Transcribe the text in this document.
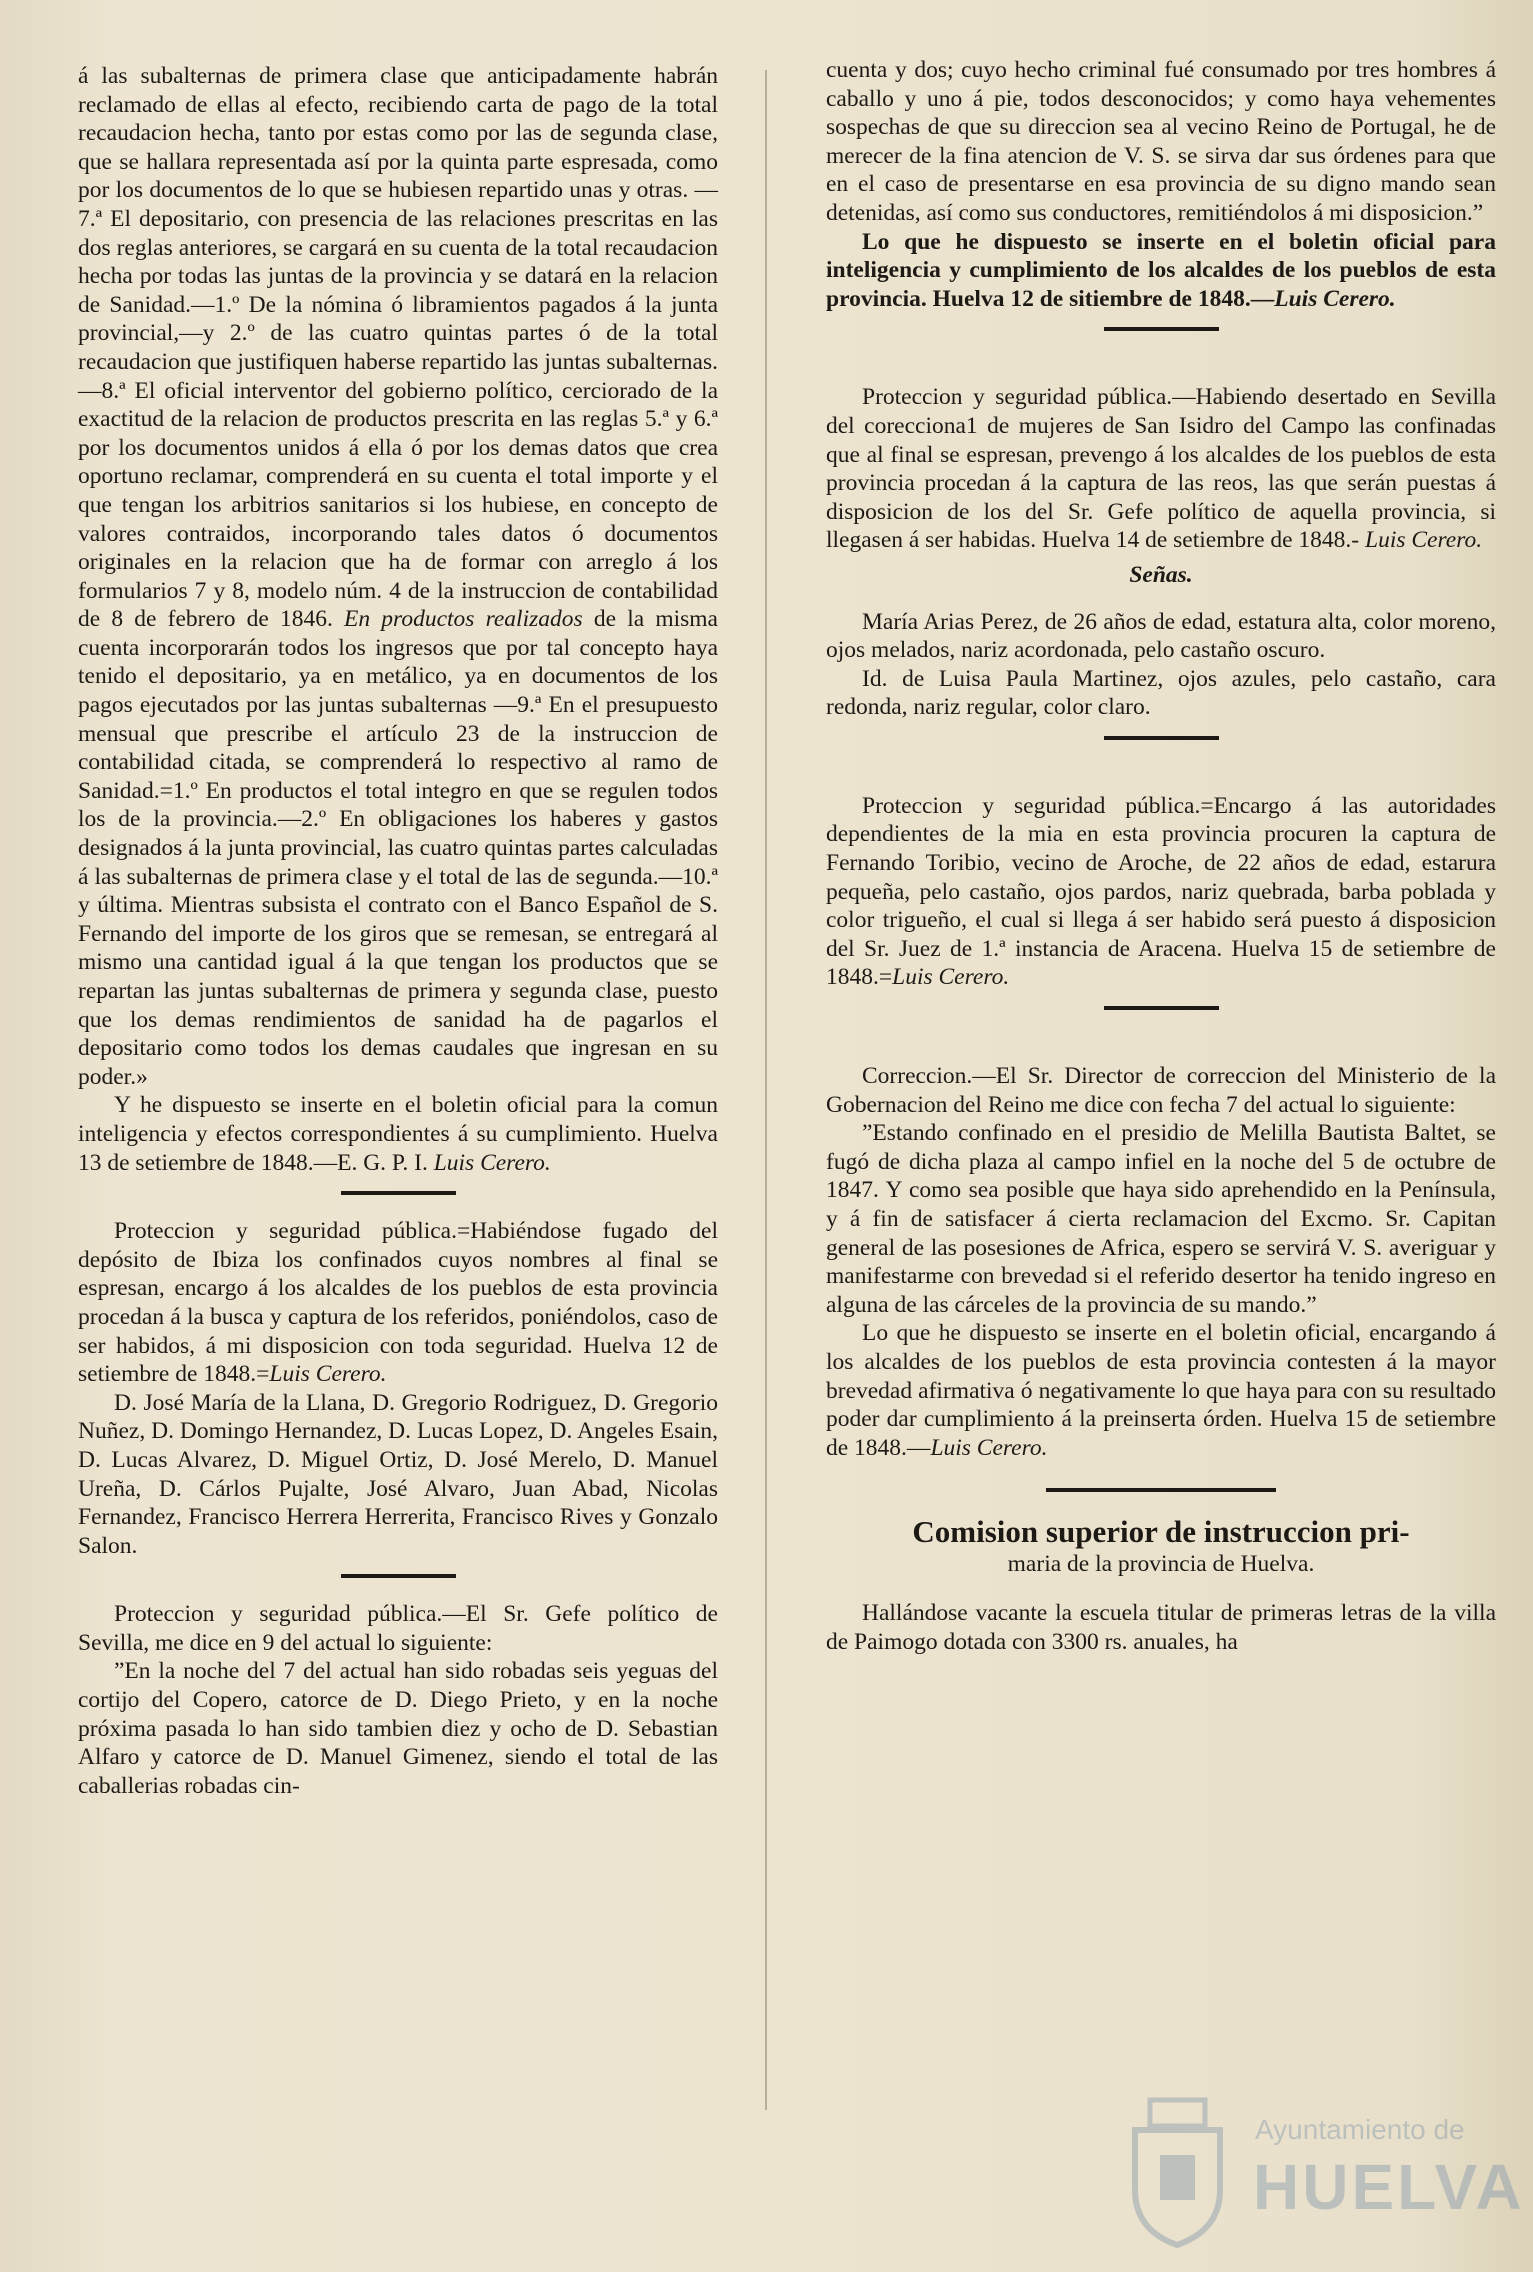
á las subalternas de primera clase que anticipadamente habrán reclamado de ellas al efecto, recibiendo carta de pago de la total recaudacion hecha, tanto por estas como por las de segunda clase, que se hallara representada así por la quinta parte espresada, como por los documentos de lo que se hubiesen repartido unas y otras. —7.ª El depositario, con presencia de las relaciones prescritas en las dos reglas anteriores, se cargará en su cuenta de la total recaudacion hecha por todas las juntas de la provincia y se datará en la relacion de Sanidad.—1.º De la nómina ó libramientos pagados á la junta provincial,—y 2.º de las cuatro quintas partes ó de la total recaudacion que justifiquen haberse repartido las juntas subalternas.—8.ª El oficial interventor del gobierno político, cerciorado de la exactitud de la relacion de productos prescrita en las reglas 5.ª y 6.ª por los documentos unidos á ella ó por los demas datos que crea oportuno reclamar, comprenderá en su cuenta el total importe y el que tengan los arbitrios sanitarios si los hubiese, en concepto de valores contraidos, incorporando tales datos ó documentos originales en la relacion que ha de formar con arreglo á los formularios 7 y 8, modelo núm. 4 de la instruccion de contabilidad de 8 de febrero de 1846. En productos realizados de la misma cuenta incorporarán todos los ingresos que por tal concepto haya tenido el depositario, ya en metálico, ya en documentos de los pagos ejecutados por las juntas subalternas —9.ª En el presupuesto mensual que prescribe el artículo 23 de la instruccion de contabilidad citada, se comprenderá lo respectivo al ramo de Sanidad.=1.º En productos el total integro en que se regulen todos los de la provincia.—2.º En obligaciones los haberes y gastos designados á la junta provincial, las cuatro quintas partes calculadas á las subalternas de primera clase y el total de las de segunda.—10.ª y última. Mientras subsista el contrato con el Banco Español de S. Fernando del importe de los giros que se remesan, se entregará al mismo una cantidad igual á la que tengan los productos que se repartan las juntas subalternas de primera y segunda clase, puesto que los demas rendimientos de sanidad ha de pagarlos el depositario como todos los demas caudales que ingresan en su poder.»

Y he dispuesto se inserte en el boletin oficial para la comun inteligencia y efectos correspondientes á su cumplimiento. Huelva 13 de setiembre de 1848.—E. G. P. I. Luis Cerero.

Proteccion y seguridad pública.=Habiéndose fugado del depósito de Ibiza los confinados cuyos nombres al final se espresan, encargo á los alcaldes de los pueblos de esta provincia procedan á la busca y captura de los referidos, poniéndolos, caso de ser habidos, á mi disposicion con toda seguridad. Huelva 12 de setiembre de 1848.=Luis Cerero.

D. José María de la Llana, D. Gregorio Rodriguez, D. Gregorio Nuñez, D. Domingo Hernandez, D. Lucas Lopez, D. Angeles Esain, D. Lucas Alvarez, D. Miguel Ortiz, D. José Merelo, D. Manuel Ureña, D. Cárlos Pujalte, José Alvaro, Juan Abad, Nicolas Fernandez, Francisco Herrera Herrerita, Francisco Rives y Gonzalo Salon.

Proteccion y seguridad pública.—El Sr. Gefe político de Sevilla, me dice en 9 del actual lo siguiente:

”En la noche del 7 del actual han sido robadas seis yeguas del cortijo del Copero, catorce de D. Diego Prieto, y en la noche próxima pasada lo han sido tambien diez y ocho de D. Sebastian Alfaro y catorce de D. Manuel Gimenez, siendo el total de las caballerias robadas cin-

cuenta y dos; cuyo hecho criminal fué consumado por tres hombres á caballo y uno á pie, todos desconocidos; y como haya vehementes sospechas de que su direccion sea al vecino Reino de Portugal, he de merecer de la fina atencion de V. S. se sirva dar sus órdenes para que en el caso de presentarse en esa provincia de su digno mando sean detenidas, así como sus conductores, remitiéndolos á mi disposicion.”

Lo que he dispuesto se inserte en el boletin oficial para inteligencia y cumplimiento de los alcaldes de los pueblos de esta provincia. Huelva 12 de sitiembre de 1848.—Luis Cerero.

Proteccion y seguridad pública.—Habiendo desertado en Sevilla del corecciona1 de mujeres de San Isidro del Campo las confinadas que al final se espresan, prevengo á los alcaldes de los pueblos de esta provincia procedan á la captura de las reos, las que serán puestas á disposicion de los del Sr. Gefe político de aquella provincia, si llegasen á ser habidas. Huelva 14 de setiembre de 1848.- Luis Cerero.

Señas.

María Arias Perez, de 26 años de edad, estatura alta, color moreno, ojos melados, nariz acordonada, pelo castaño oscuro.

Id. de Luisa Paula Martinez, ojos azules, pelo castaño, cara redonda, nariz regular, color claro.

Proteccion y seguridad pública.=Encargo á las autoridades dependientes de la mia en esta provincia procuren la captura de Fernando Toribio, vecino de Aroche, de 22 años de edad, estarura pequeña, pelo castaño, ojos pardos, nariz quebrada, barba poblada y color trigueño, el cual si llega á ser habido será puesto á disposicion del Sr. Juez de 1.ª instancia de Aracena. Huelva 15 de setiembre de 1848.=Luis Cerero.

Correccion.—El Sr. Director de correccion del Ministerio de la Gobernacion del Reino me dice con fecha 7 del actual lo siguiente:

”Estando confinado en el presidio de Melilla Bautista Baltet, se fugó de dicha plaza al campo infiel en la noche del 5 de octubre de 1847. Y como sea posible que haya sido aprehendido en la Península, y á fin de satisfacer á cierta reclamacion del Excmo. Sr. Capitan general de las posesiones de Africa, espero se servirá V. S. averiguar y manifestarme con brevedad si el referido desertor ha tenido ingreso en alguna de las cárceles de la provincia de su mando.”

Lo que he dispuesto se inserte en el boletin oficial, encargando á los alcaldes de los pueblos de esta provincia contesten á la mayor brevedad afirmativa ó negativamente lo que haya para con su resultado poder dar cumplimiento á la preinserta órden. Huelva 15 de setiembre de 1848.—Luis Cerero.

Comision superior de instruccion pri-

maria de la provincia de Huelva.

Hallándose vacante la escuela titular de primeras letras de la villa de Paimogo dotada con 3300 rs. anuales, ha

Ayuntamiento de
HUELVA
